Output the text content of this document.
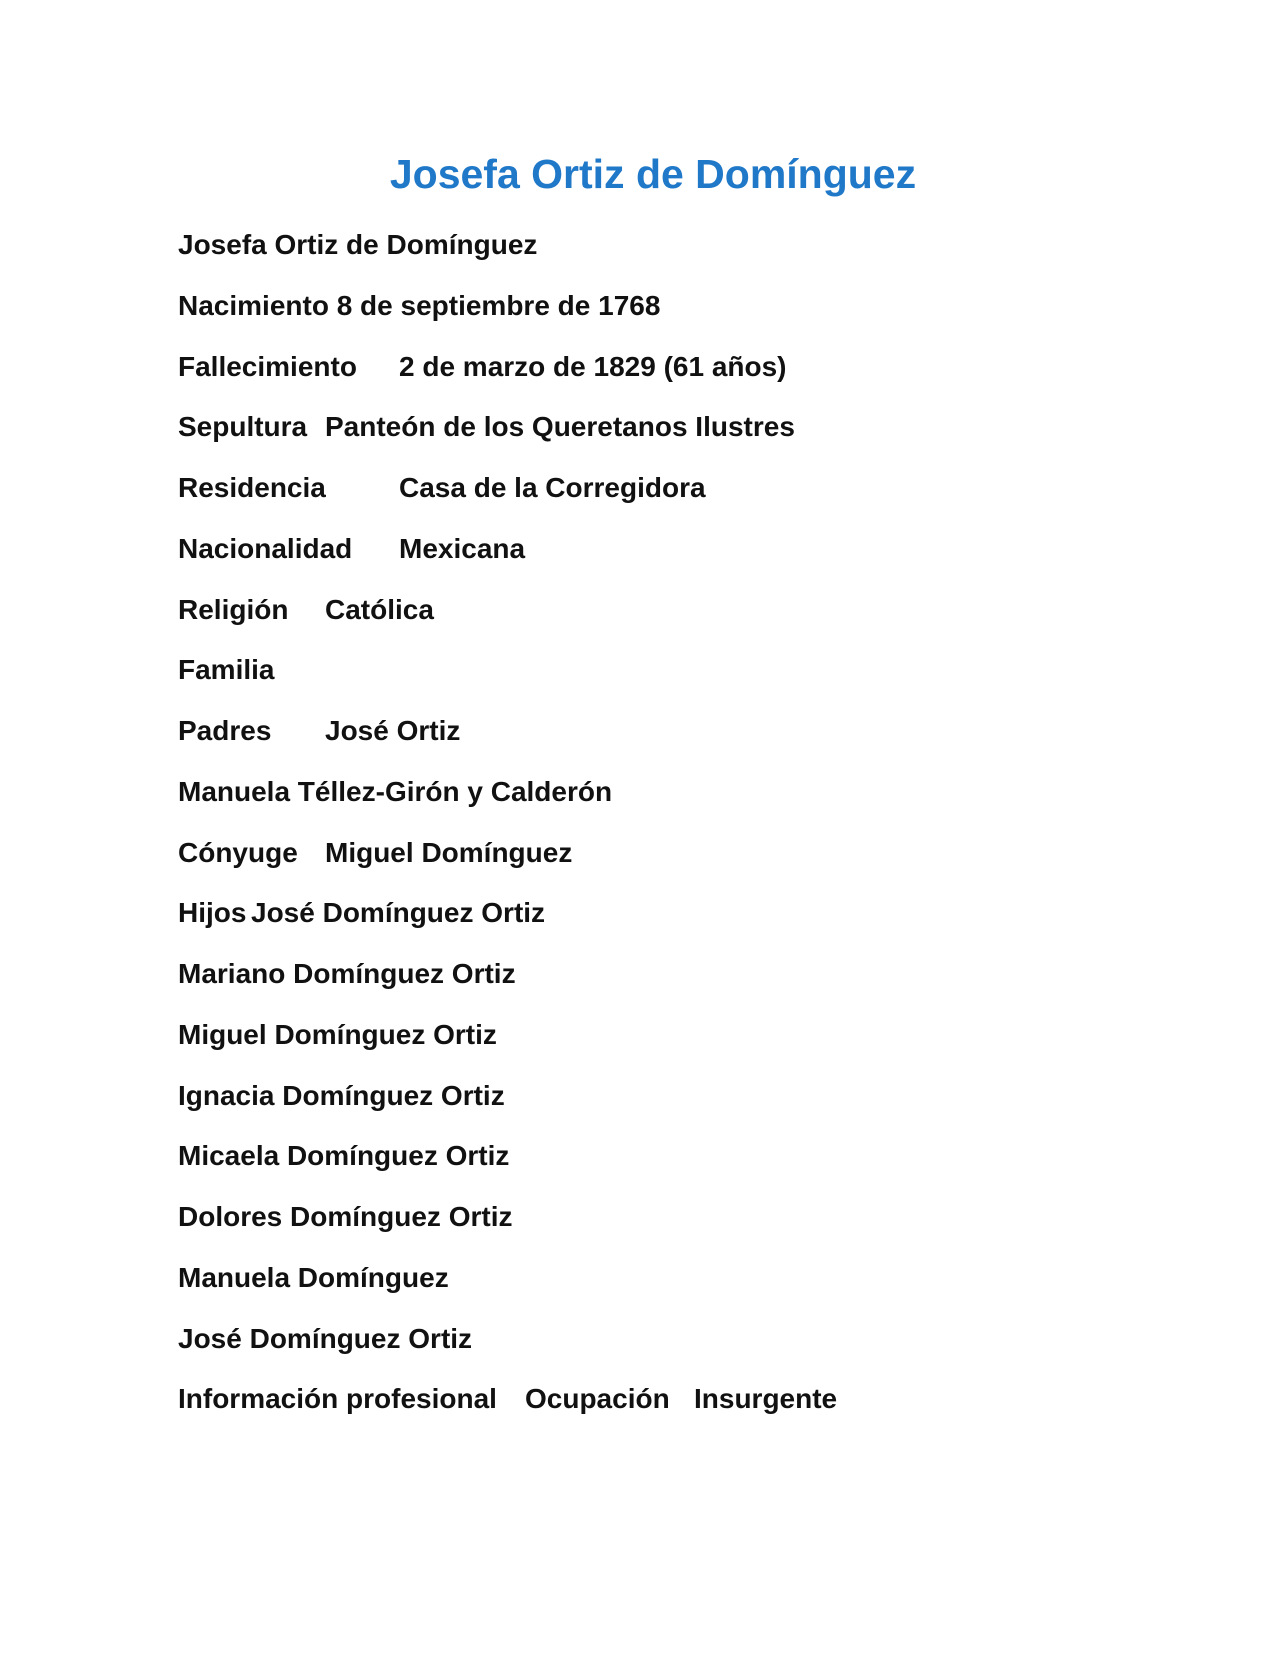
Josefa Ortiz de Domínguez
Josefa Ortiz de Domínguez
Nacimiento 8 de septiembre de 1768
Fallecimiento 2 de marzo de 1829 (61 años)
Sepultura Panteón de los Queretanos Ilustres
Residencia	Casa de la Corregidora
Nacionalidad Mexicana
Religión Católica
Familia
Padres José Ortiz
Manuela Téllez-Girón y Calderón
Cónyuge Miguel Domínguez
Hijos José Domínguez Ortiz
Mariano Domínguez Ortiz
Miguel Domínguez Ortiz
Ignacia Domínguez Ortiz
Micaela Domínguez Ortiz
Dolores Domínguez Ortiz
Manuela Domínguez
José Domínguez Ortiz
Información profesional Ocupación Insurgente
